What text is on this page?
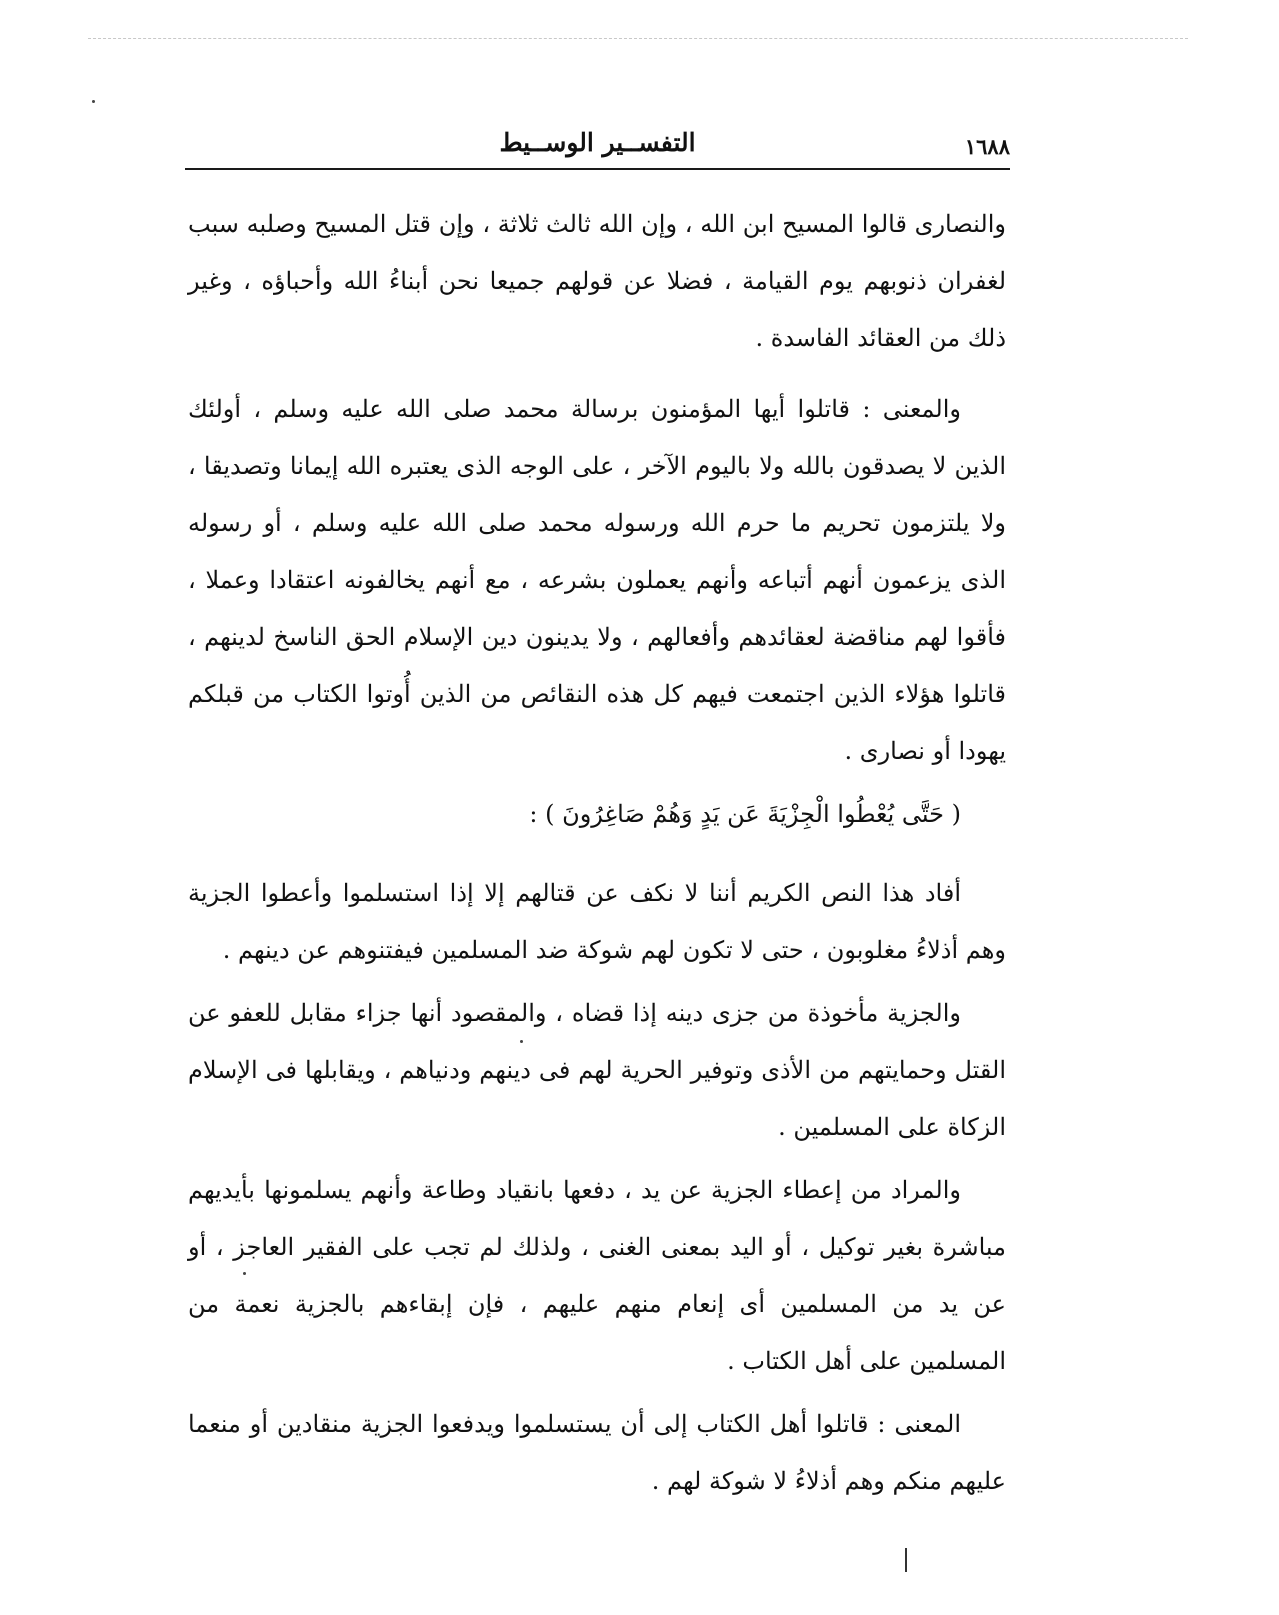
١٦٨٨
التفســير الوســيط

والنصارى قالوا المسيح ابن الله ، وإن الله ثالث ثلاثة ، وإن قتل المسيح وصلبه سبب لغفران ذنوبهم يوم القيامة ، فضلا عن قولهم جميعا نحن أبناءُ الله وأحباؤه ، وغير ذلك من العقائد الفاسدة .

والمعنى : قاتلوا أيها المؤمنون برسالة محمد صلى الله عليه وسلم ، أولئك الذين لا يصدقون بالله ولا باليوم الآخر ، على الوجه الذى يعتبره الله إيمانا وتصديقا ، ولا يلتزمون تحريم ما حرم الله ورسوله محمد صلى الله عليه وسلم ، أو رسوله الذى يزعمون أنهم أتباعه وأنهم يعملون بشرعه ، مع أنهم يخالفونه اعتقادا وعملا ، فأقوا لهم مناقضة لعقائدهم وأفعالهم ، ولا يدينون دين الإسلام الحق الناسخ لدينهم ، قاتلوا هؤلاء الذين اجتمعت فيهم كل هذه النقائص من الذين أُوتوا الكتاب من قبلكم يهودا أو نصارى .

( حَتَّى يُعْطُوا الْجِزْيَةَ عَن يَدٍ وَهُمْ صَاغِرُونَ ) :

أفاد هذا النص الكريم أننا لا نكف عن قتالهم إلا إذا استسلموا وأعطوا الجزية وهم أذلاءُ مغلوبون ، حتى لا تكون لهم شوكة ضد المسلمين فيفتنوهم عن دينهم .

والجزية مأخوذة من جزى دينه إذا قضاه ، والمقصود أنها جزاء مقابل للعفو عن القتل وحمايتهم من الأذى وتوفير الحرية لهم فى دينهم ودنياهم ، ويقابلها فى الإسلام الزكاة على المسلمين .

والمراد من إعطاء الجزية عن يد ، دفعها بانقياد وطاعة وأنهم يسلمونها بأيديهم مباشرة بغير توكيل ، أو اليد بمعنى الغنى ، ولذلك لم تجب على الفقير العاجز ، أو عن يد من المسلمين أى إنعام منهم عليهم ، فإن إبقاءهم بالجزية نعمة من المسلمين على أهل الكتاب .

المعنى : قاتلوا أهل الكتاب إلى أن يستسلموا ويدفعوا الجزية منقادين أو منعما عليهم منكم وهم أذلاءُ لا شوكة لهم .
